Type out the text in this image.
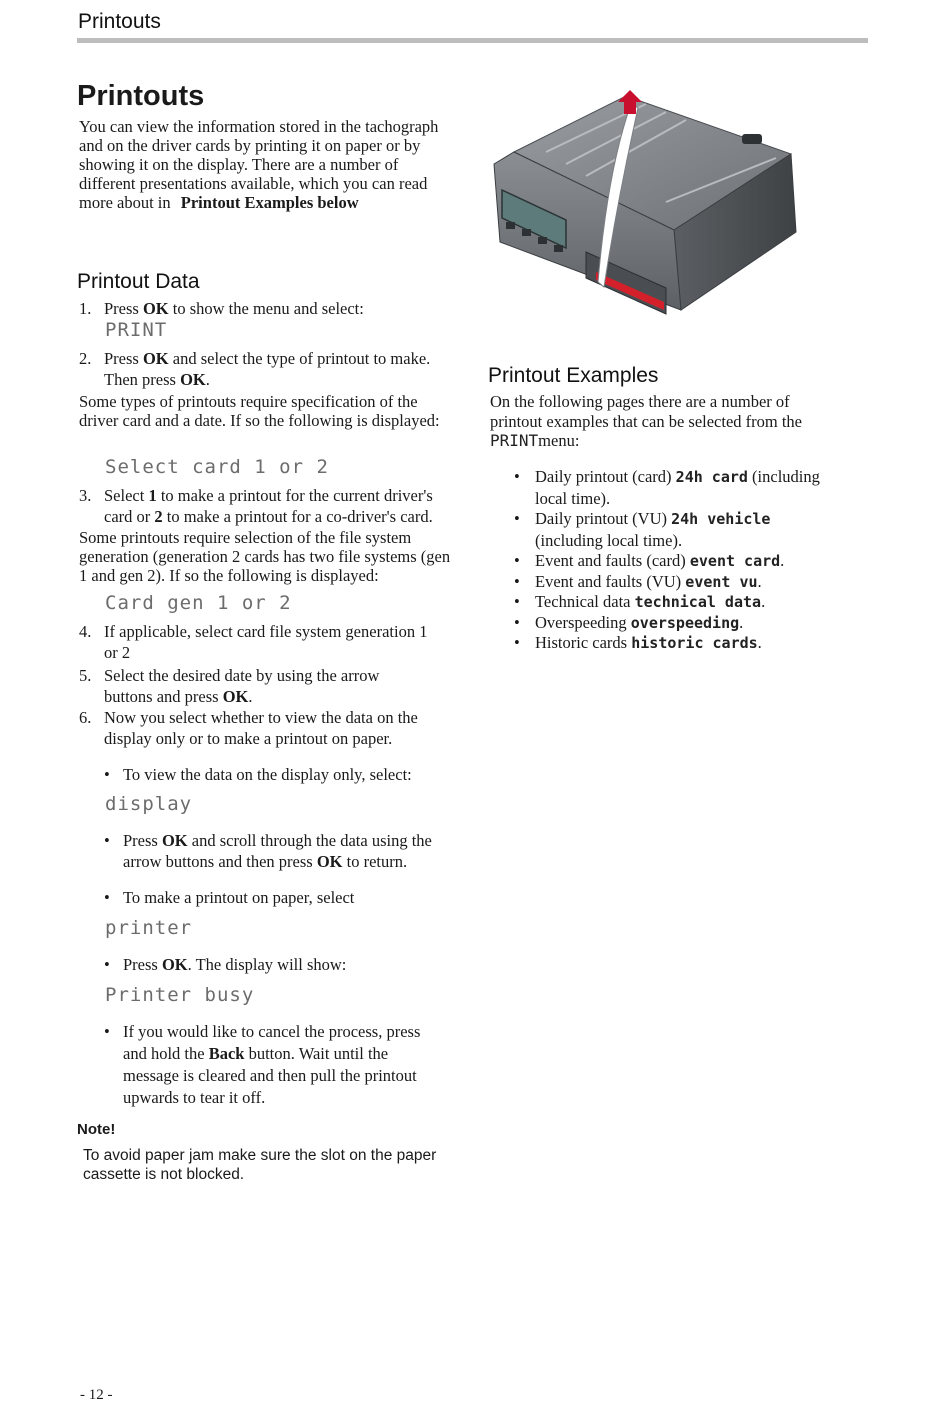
Printouts
Printouts
You can view the information stored in the tachograph and on the driver cards by printing it on paper or by showing it on the display. There are a number of different presentations available, which you can read more about in Printout Examples below
Printout Data
1. Press OK to show the menu and select:
PRINT
2. Press OK and select the type of printout to make.
Then press OK.
Some types of printouts require specification of the driver card and a date. If so the following is displayed:
Select card 1 or 2
3. Select 1 to make a printout for the current driver's
card or 2 to make a printout for a co-driver's card.
Some printouts require selection of the file system generation (generation 2 cards has two file systems (gen 1 and gen 2). If so the following is displayed:
Card gen 1 or 2
4. If applicable, select card file system generation 1
or 2
5. Select the desired date by using the arrow
buttons and press OK.
6. Now you select whether to view the data on the
display only or to make a printout on paper.
• To view the data on the display only, select:
display
• Press OK and scroll through the data using the
arrow buttons and then press OK to return.
• To make a printout on paper, select
printer
• Press OK. The display will show:
Printer busy
• If you would like to cancel the process, press
and hold the Back button. Wait until the
message is cleared and then pull the printout
upwards to tear it off.
Note!
To avoid paper jam make sure the slot on the paper cassette is not blocked.
Printout Examples
On the following pages there are a number of
printout examples that can be selected from the
PRINTmenu:
• Daily printout (card) 24h card (including
local time).
• Daily printout (VU) 24h vehicle
(including local time).
• Event and faults (card) event card.
• Event and faults (VU) event vu.
• Technical data technical data.
• Overspeeding overspeeding.
• Historic cards historic cards.
- 12 -
